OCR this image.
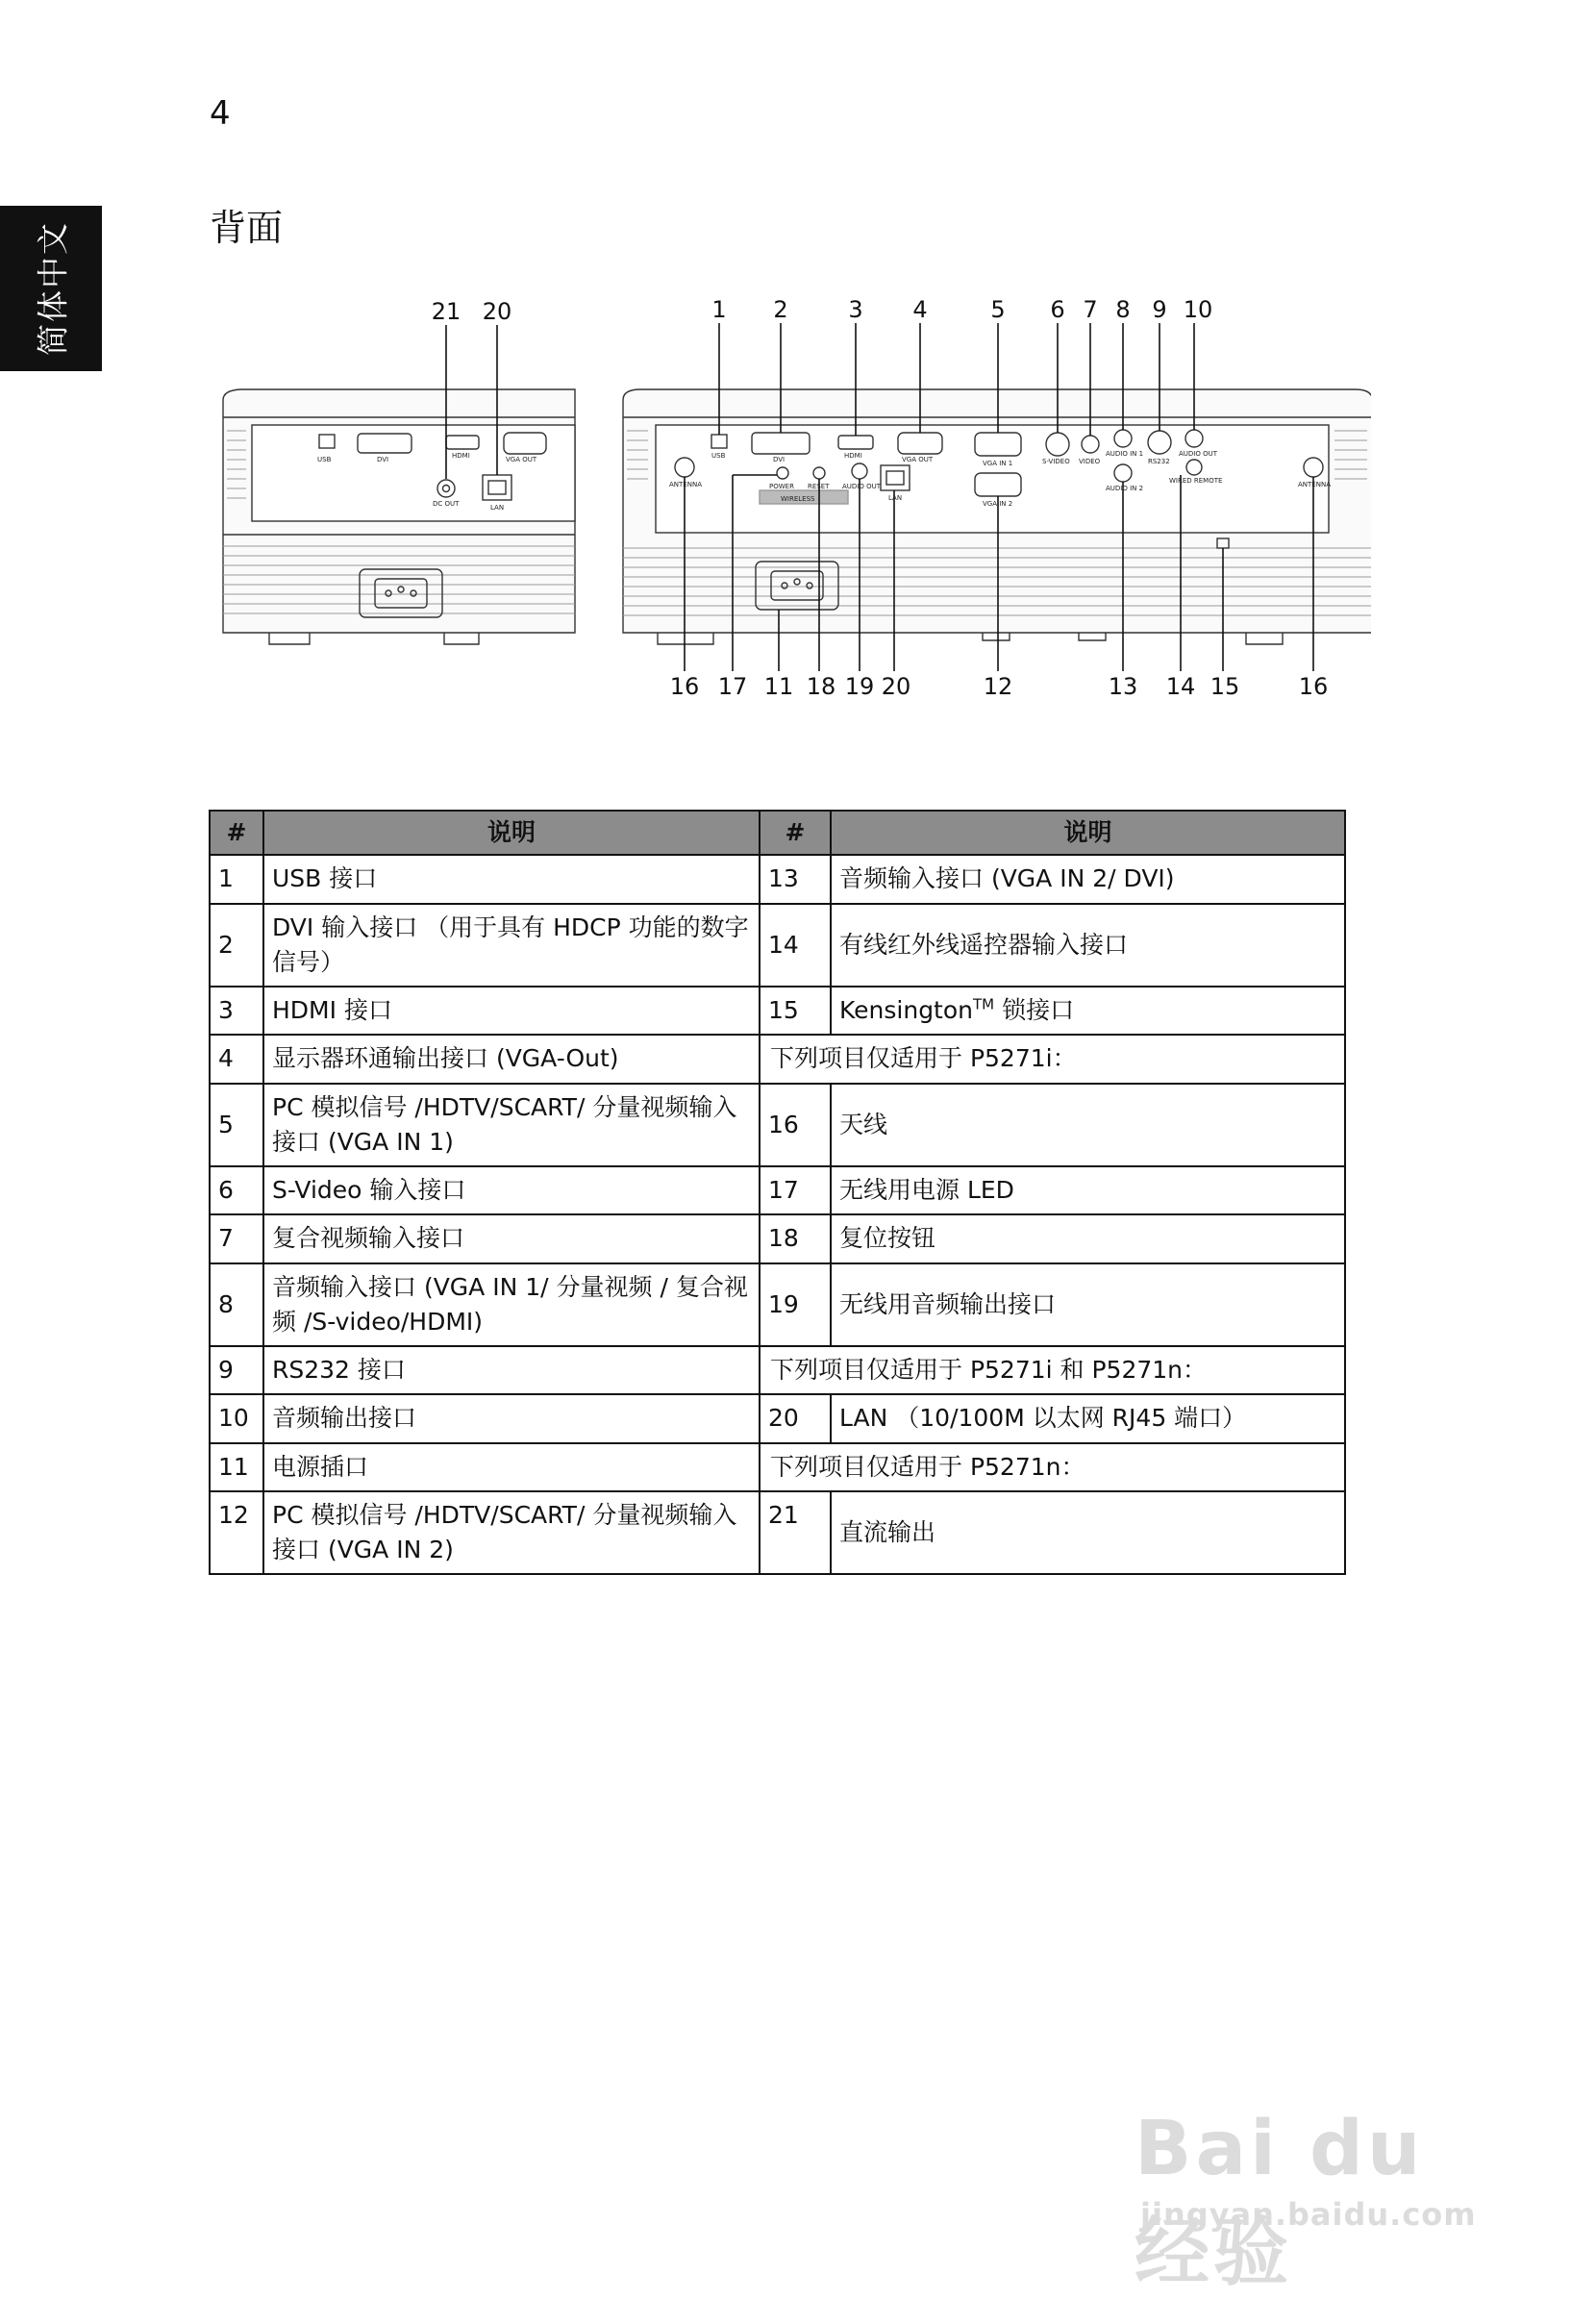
4
简体中文	背面
USB	DVI	HDMI	VGA OUT
DC OUT	LAN
USB	DVI	HDMI	VGA OUT	VGA IN 1
VGA IN 2
S-VIDEO VIDEO
AUDIO IN 1
AUDIO IN 2
RS232
AUDIO OUT
WIRED REMOTE
ANTENNA	ANTENNA
POWER RESET AUDIO OUT
LAN
WIRELESS
21 20	1 2	3 4	5 6 7 8 9 10
16 17 11 18 19 20	12	13 14 15	16
#	说明	#	说明
1	USB 接口	13	音频输入接口 (VGA IN 2/ DVI)
2	DVI 输入接口 （用于具有 HDCP 功能的数字信号）	14	有线红外线遥控器输入接口
3	HDMI 接口	15	Kensington™ 锁接口
4	显示器环通输出接口 (VGA-Out)	下列项目仅适用于 P5271i：	
5	PC 模拟信号 /HDTV/SCART/ 分量视频输入接口 (VGA IN 1)	16	天线
6	S-Video 输入接口	17	无线用电源 LED
7	复合视频输入接口	18	复位按钮
8	音频输入接口 (VGA IN 1/ 分量视频 / 复合视频 /S-video/HDMI)	19	无线用音频输出接口
9	RS232 接口	下列项目仅适用于 P5271i 和 P5271n：	
10	音频输出接口	20	LAN （10/100M 以太网 RJ45 端口）
11	电源插口	下列项目仅适用于 P5271n：	
12	PC 模拟信号 /HDTV/SCART/ 分量视频输入接口 (VGA IN 2)	21	直流输出
Bai du 经验
jingyan.baidu.com
